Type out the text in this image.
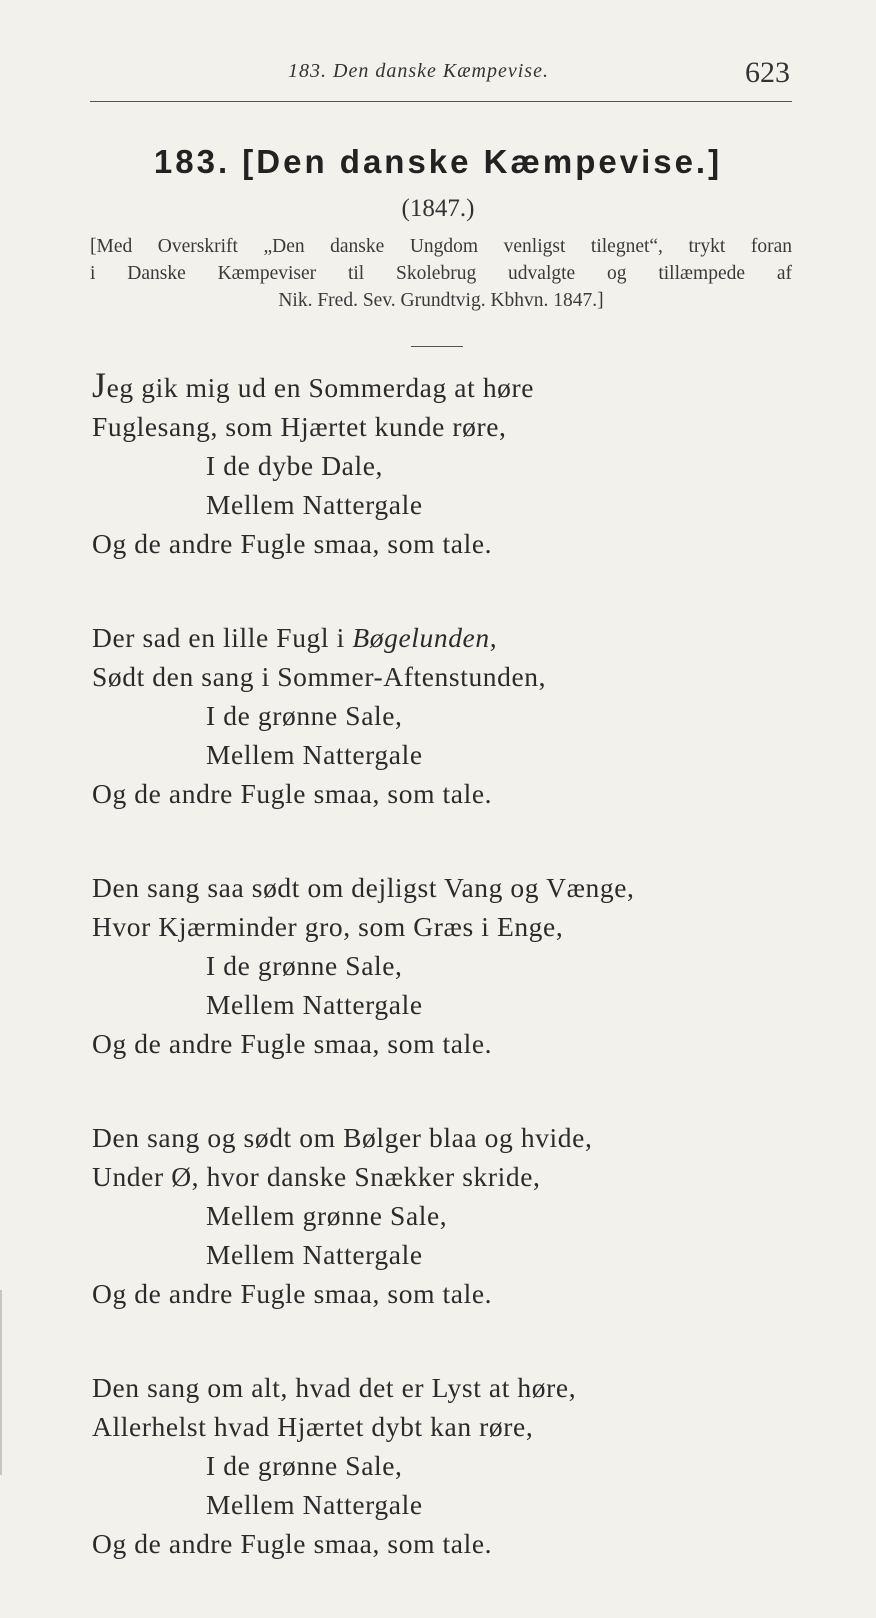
183. Den danske Kæmpevise.	623
183. [Den danske Kæmpevise.]
(1847.)
[Med Overskrift „Den danske Ungdom venligst tilegnet“, trykt foran
i Danske Kæmpeviser til Skolebrug udvalgte og tillæmpede af
Nik. Fred. Sev. Grundtvig. Kbhvn. 1847.]
Jeg gik mig ud en Sommerdag at høre
Fuglesang, som Hjærtet kunde røre,
I de dybe Dale,
Mellem Nattergale
Og de andre Fugle smaa, som tale.
Der sad en lille Fugl i Bøgelunden,
Sødt den sang i Sommer-Aftenstunden,
I de grønne Sale,
Mellem Nattergale
Og de andre Fugle smaa, som tale.
Den sang saa sødt om dejligst Vang og Vænge,
Hvor Kjærminder gro, som Græs i Enge,
I de grønne Sale,
Mellem Nattergale
Og de andre Fugle smaa, som tale.
Den sang og sødt om Bølger blaa og hvide,
Under Ø, hvor danske Snækker skride,
Mellem grønne Sale,
Mellem Nattergale
Og de andre Fugle smaa, som tale.
Den sang om alt, hvad det er Lyst at høre,
Allerhelst hvad Hjærtet dybt kan røre,
I de grønne Sale,
Mellem Nattergale
Og de andre Fugle smaa, som tale.
